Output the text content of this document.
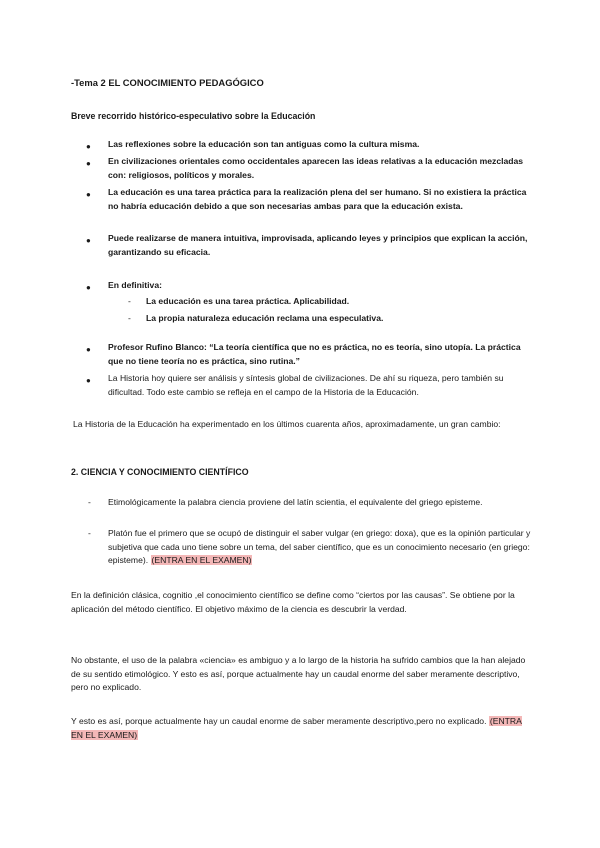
-Tema 2 EL CONOCIMIENTO PEDAGÓGICO
Breve recorrido histórico-especulativo sobre la Educación
● Las reflexiones sobre la educación son tan antiguas como la cultura misma.
● En civilizaciones orientales como occidentales aparecen las ideas relativas a la educación mezcladas con: religiosos, políticos y morales.
● La educación es una tarea práctica para la realización plena del ser humano. Si no existiera la práctica no habría educación debido a que son necesarias ambas para que la educación exista.
● Puede realizarse de manera intuitiva, improvisada, aplicando leyes y principios que explican la acción, garantizando su eficacia.
● En definitiva:
- La educación es una tarea práctica. Aplicabilidad.
- La propia naturaleza educación reclama una especulativa.
● Profesor Rufino Blanco: “La teoría científica que no es práctica, no es teoría, sino utopía. La práctica que no tiene teoría no es práctica, sino rutina.”
● La Historia hoy quiere ser análisis y síntesis global de civilizaciones. De ahí su riqueza, pero también su dificultad. Todo este cambio se refleja en el campo de la Historia de la Educación.
La Historia de la Educación ha experimentado en los últimos cuarenta años, aproximadamente, un gran cambio:
2. CIENCIA Y CONOCIMIENTO CIENTÍFICO
- Etimológicamente la palabra ciencia proviene del latín scientia, el equivalente del griego episteme.
- Platón fue el primero que se ocupó de distinguir el saber vulgar (en griego: doxa), que es la opinión particular y subjetiva que cada uno tiene sobre un tema, del saber científico, que es un conocimiento necesario (en griego: episteme). (ENTRA EN EL EXAMEN)
En la definición clásica, cognitio ,el conocimiento científico se define como “ciertos por las causas”. Se obtiene por la aplicación del método científico. El objetivo máximo de la ciencia es descubrir la verdad.
No obstante, el uso de la palabra «ciencia» es ambiguo y a lo largo de la historia ha sufrido cambios que la han alejado de su sentido etimológico. Y esto es así, porque actualmente hay un caudal enorme del saber meramente descriptivo, pero no explicado.
Y esto es así, porque actualmente hay un caudal enorme de saber meramente descriptivo,pero no explicado. (ENTRA EN EL EXAMEN)
